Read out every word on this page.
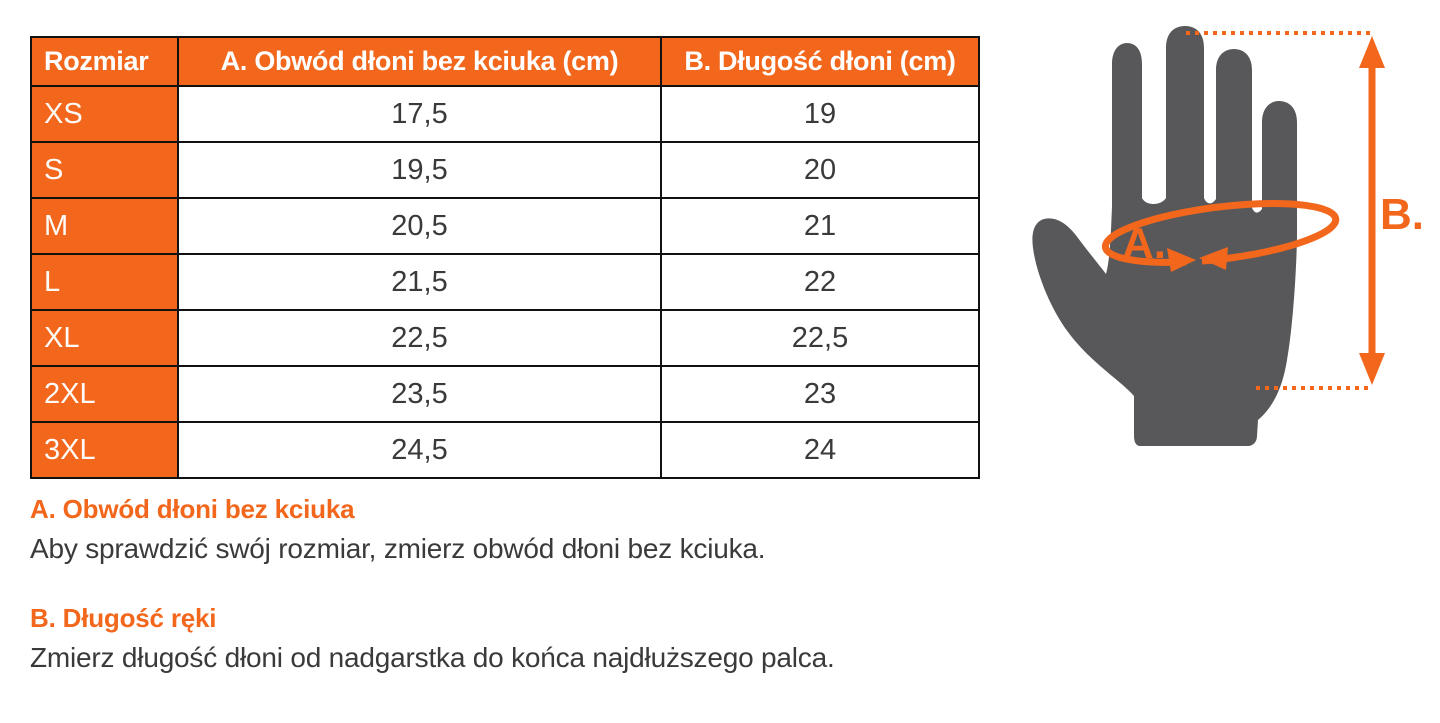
Rozmiar	A. Obwód dłoni bez kciuka (cm)	B. Długość dłoni (cm)
XS	17,5	19
S	19,5	20
M	20,5	21
L	21,5	22
XL	22,5	22,5
2XL	23,5	23
3XL	24,5	24
A.
B.
A. Obwód dłoni bez kciuka

Aby sprawdzić swój rozmiar, zmierz obwód dłoni bez kciuka.

B. Długość ręki

Zmierz długość dłoni od nadgarstka do końca najdłuższego palca.
